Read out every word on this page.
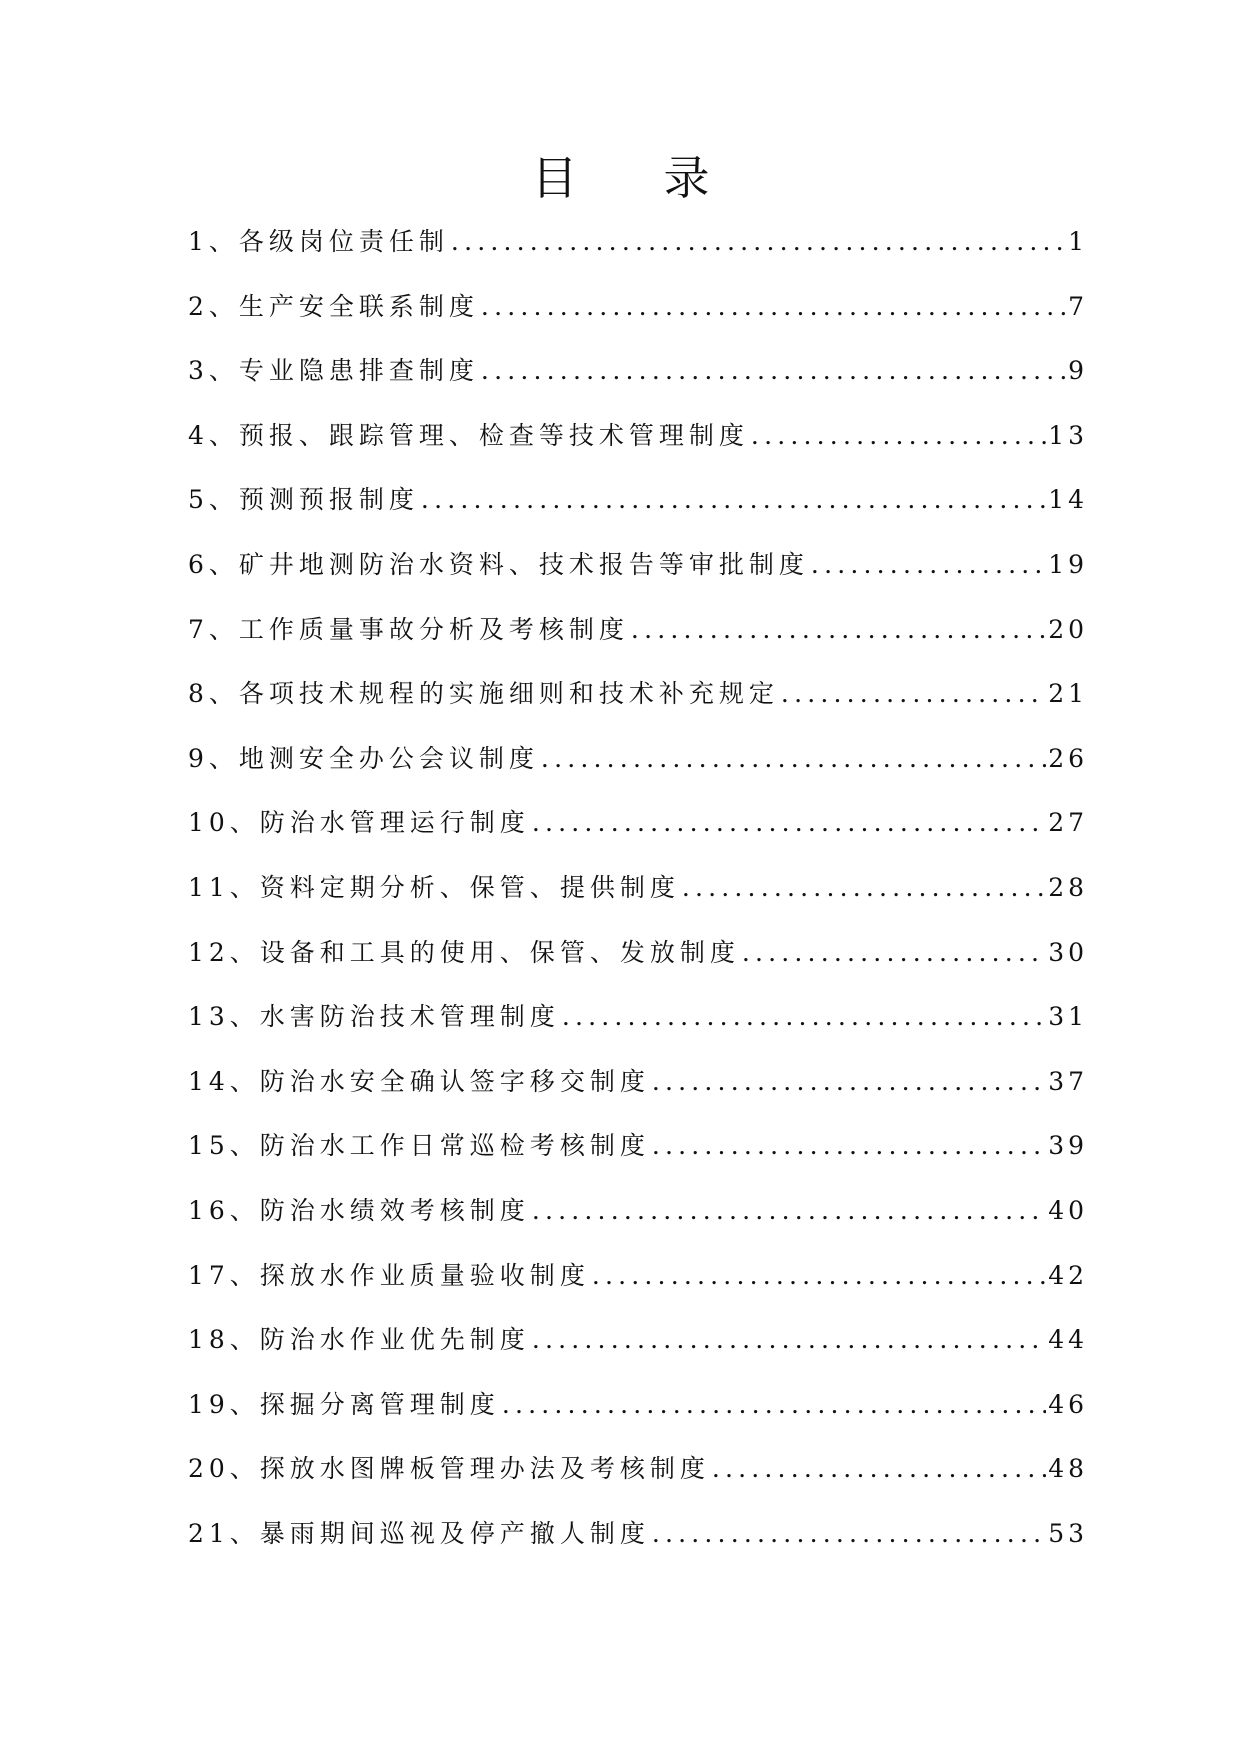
目 录
1、各级岗位责任制 .....	1
2、生产安全联系制度 .....	7
3、专业隐患排查制度 .....	9
4、预报、跟踪管理、检查等技术管理制度 .....	13
5、预测预报制度 .....	14
6、矿井地测防治水资料、技术报告等审批制度 .....	19
7、工作质量事故分析及考核制度 .....	20
8、各项技术规程的实施细则和技术补充规定 .....	21
9、地测安全办公会议制度 .....	26
10、防治水管理运行制度 .....	27
11、资料定期分析、保管、提供制度 .....	28
12、设备和工具的使用、保管、发放制度 .....	30
13、水害防治技术管理制度 .....	31
14、防治水安全确认签字移交制度 .....	37
15、防治水工作日常巡检考核制度 .....	39
16、防治水绩效考核制度 .....	40
17、探放水作业质量验收制度 .....	42
18、防治水作业优先制度 .....	44
19、探掘分离管理制度 .....	46
20、探放水图牌板管理办法及考核制度 .....	48
21、暴雨期间巡视及停产撤人制度 .....	53
